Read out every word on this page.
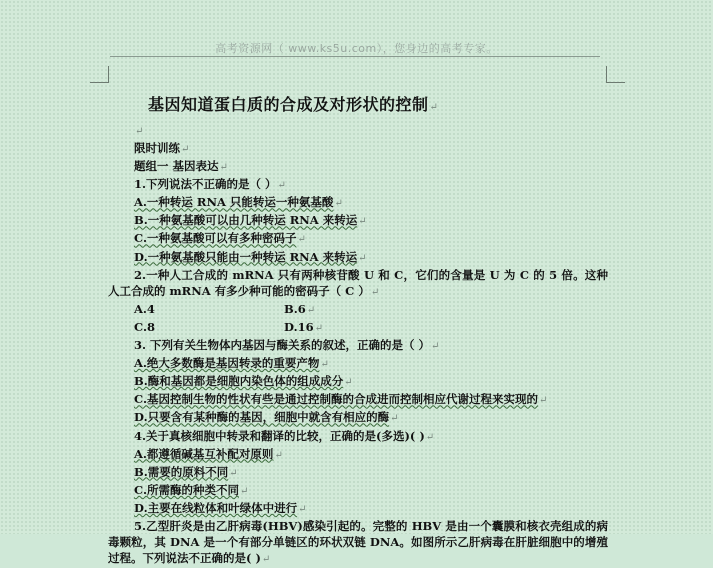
高考资源网（ www.ks5u.com），您身边的高考专家。
基因知道蛋白质的合成及对形状的控制↵
↵
限时训练↵
题组一 基因表达↵
1.下列说法不正确的是（ ）↵
A.一种转运 RNA 只能转运一种氨基酸↵
B.一种氨基酸可以由几种转运 RNA 来转运↵
C.一种氨基酸可以有多种密码子↵
D.一种氨基酸只能由一种转运 RNA 来转运↵
2.一种人工合成的 mRNA 只有两种核苷酸 U 和 C，它们的含量是 U 为 C 的 5 倍。这种人工合成的 mRNA 有多少种可能的密码子（ C ）↵
A.4	B.6↵
C.8	D.16↵
3. 下列有关生物体内基因与酶关系的叙述，正确的是（ ）↵
A.绝大多数酶是基因转录的重要产物↵
B.酶和基因都是细胞内染色体的组成成分↵
C.基因控制生物的性状有些是通过控制酶的合成进而控制相应代谢过程来实现的↵
D.只要含有某种酶的基因，细胞中就含有相应的酶↵
4.关于真核细胞中转录和翻译的比较，正确的是(多选)( )↵
A.都遵循碱基互补配对原则↵
B.需要的原料不同↵
C.所需酶的种类不同↵
D.主要在线粒体和叶绿体中进行↵
5.乙型肝炎是由乙肝病毒(HBV)感染引起的。完整的 HBV 是由一个囊膜和核衣壳组成的病毒颗粒，其 DNA 是一个有部分单链区的环状双链 DNA。如图所示乙肝病毒在肝脏细胞中的增殖过程。下列说法不正确的是( )↵
